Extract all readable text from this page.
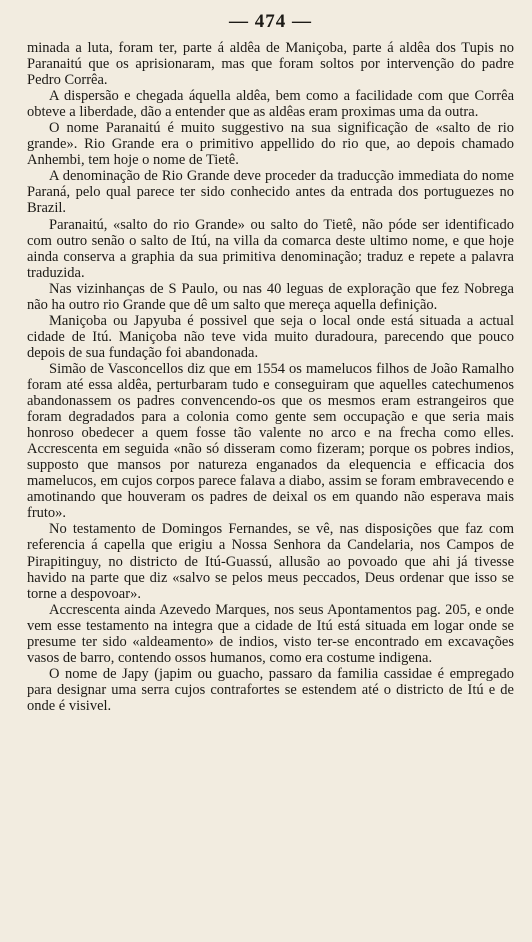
— 474 —

minada a luta, foram ter, parte á aldêa de Maniçoba, parte á aldêa dos Tupis no Paranaitú que os aprisionaram, mas que foram soltos por intervenção do padre Pedro Corrêa.

A dispersão e chegada áquella aldêa, bem como a facilidade com que Corrêa obteve a liberdade, dão a entender que as aldêas eram proximas uma da outra.

O nome Paranaitú é muito suggestivo na sua significação de «salto de rio grande». Rio Grande era o primitivo appellido do rio que, ao depois chamado Anhembi, tem hoje o nome de Tietê.

A denominação de Rio Grande deve proceder da traducção immediata do nome Paraná, pelo qual parece ter sido conhecido antes da entrada dos portuguezes no Brazil.

Paranaitú, «salto do rio Grande» ou salto do Tietê, não póde ser identificado com outro senão o salto de Itú, na villa da comarca deste ultimo nome, e que hoje ainda conserva a graphia da sua primitiva denominação; traduz e repete a palavra traduzida.

Nas vizinhanças de S Paulo, ou nas 40 leguas de exploração que fez Nobrega não ha outro rio Grande que dê um salto que mereça aquella definição.

Maniçoba ou Japyuba é possivel que seja o local onde está situada a actual cidade de Itú. Maniçoba não teve vida muito duradoura, parecendo que pouco depois de sua fundação foi abandonada.

Simão de Vasconcellos diz que em 1554 os mamelucos filhos de João Ramalho foram até essa aldêa, perturbaram tudo e conseguiram que aquelles catechumenos abandonassem os padres convencendo-os que os mesmos eram estrangeiros que foram degradados para a colonia como gente sem occupação e que seria mais honroso obedecer a quem fosse tão valente no arco e na frecha como elles. Accrescenta em seguida «não só disseram como fizeram; porque os pobres indios, supposto que mansos por natureza enganados da elequencia e efficacia dos mamelucos, em cujos corpos parece falava a diabo, assim se foram embravecendo e amotinando que houveram os padres de deixal os em quando não esperava mais fruto».

No testamento de Domingos Fernandes, se vê, nas disposições que faz com referencia á capella que erigiu a Nossa Senhora da Candelaria, nos Campos de Pirapitinguy, no districto de Itú-Guassú, allusão ao povoado que ahi já tivesse havido na parte que diz «salvo se pelos meus peccados, Deus ordenar que isso se torne a despovoar».

Accrescenta ainda Azevedo Marques, nos seus Apontamentos pag. 205, e onde vem esse testamento na integra que a cidade de Itú está situada em logar onde se presume ter sido «aldeamento» de indios, visto ter-se encontrado em excavações vasos de barro, contendo ossos humanos, como era costume indigena.

O nome de Japy (japim ou guacho, passaro da familia cassidae é empregado para designar uma serra cujos contrafortes se estendem até o districto de Itú e de onde é visivel.
